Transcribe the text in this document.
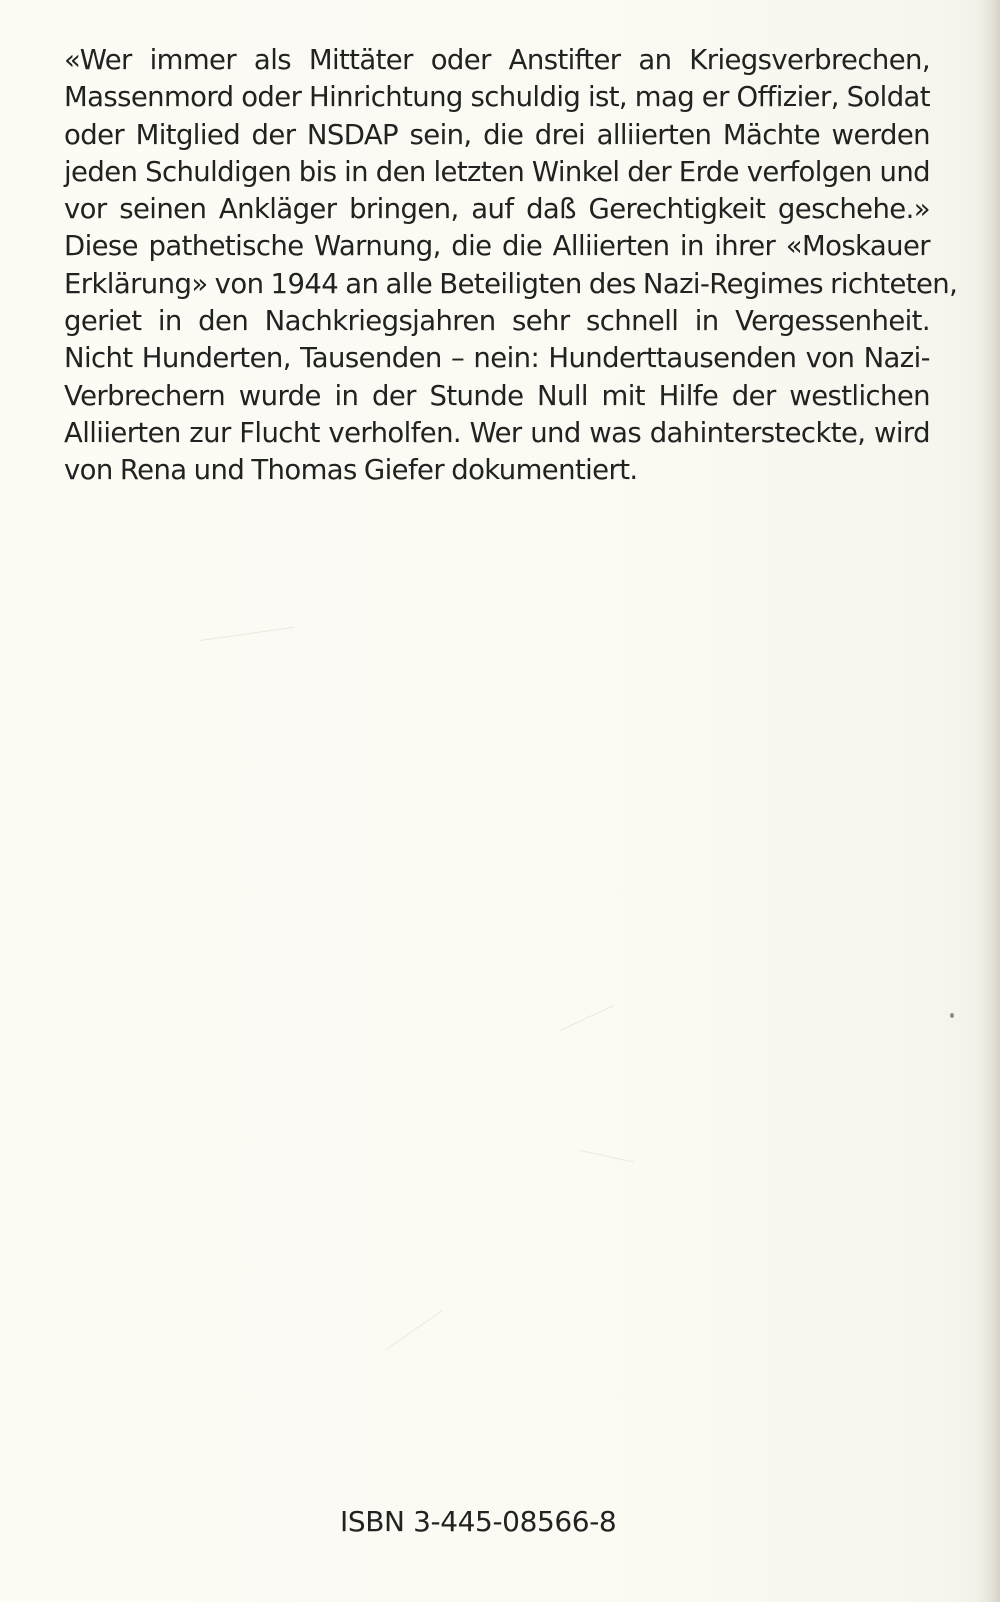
«Wer immer als Mittäter oder Anstifter an Kriegsverbrechen,
Massenmord oder Hinrichtung schuldig ist, mag er Offizier, Soldat
oder Mitglied der NSDAP sein, die drei alliierten Mächte werden
jeden Schuldigen bis in den letzten Winkel der Erde verfolgen und
vor seinen Ankläger bringen, auf daß Gerechtigkeit geschehe.»
Diese pathetische Warnung, die die Alliierten in ihrer «Moskauer
Erklärung» von 1944 an alle Beteiligten des Nazi-Regimes richteten,
geriet in den Nachkriegsjahren sehr schnell in Vergessenheit.
Nicht Hunderten, Tausenden – nein: Hunderttausenden von Nazi-
Verbrechern wurde in der Stunde Null mit Hilfe der westlichen
Alliierten zur Flucht verholfen. Wer und was dahintersteckte, wird
von Rena und Thomas Giefer dokumentiert.

ISBN 3-445-08566-8
